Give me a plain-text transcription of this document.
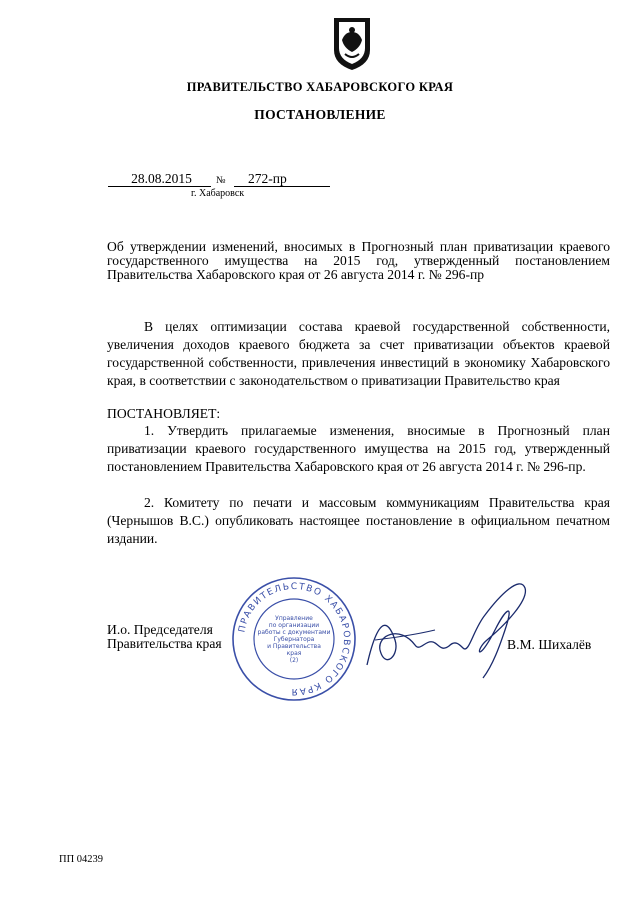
ПРАВИТЕЛЬСТВО ХАБАРОВСКОГО КРАЯ
ПОСТАНОВЛЕНИЕ
28.08.2015	№	272-пр
г. Хабаровск
Об утверждении изменений, вносимых в Прогнозный план приватизации краевого государственного имущества на 2015 год, утвержденный постановлением Правительства Хабаровского края от 26 августа 2014 г. № 296-пр
В целях оптимизации состава краевой государственной собственности, увеличения доходов краевого бюджета за счет приватизации объектов краевой государственной собственности, привлечения инвестиций в экономику Хабаровского края, в соответствии с законодательством о приватизации Правительство края
ПОСТАНОВЛЯЕТ:
1. Утвердить прилагаемые изменения, вносимые в Прогнозный план приватизации краевого государственного имущества на 2015 год, утвержденный постановлением Правительства Хабаровского края от 26 августа 2014 г. № 296-пр.
2. Комитету по печати и массовым коммуникациям Правительства края (Чернышов В.С.) опубликовать настоящее постановление в официальном печатном издании.
И.о. Председателя
Правительства края
ПРАВИТЕЛЬСТВО ХАБАРОВСКОГО КРАЯ
Управление
по организации
работы с документами
Губернатора
и Правительства
края
(2)
В.М. Шихалёв
ПП 04239
